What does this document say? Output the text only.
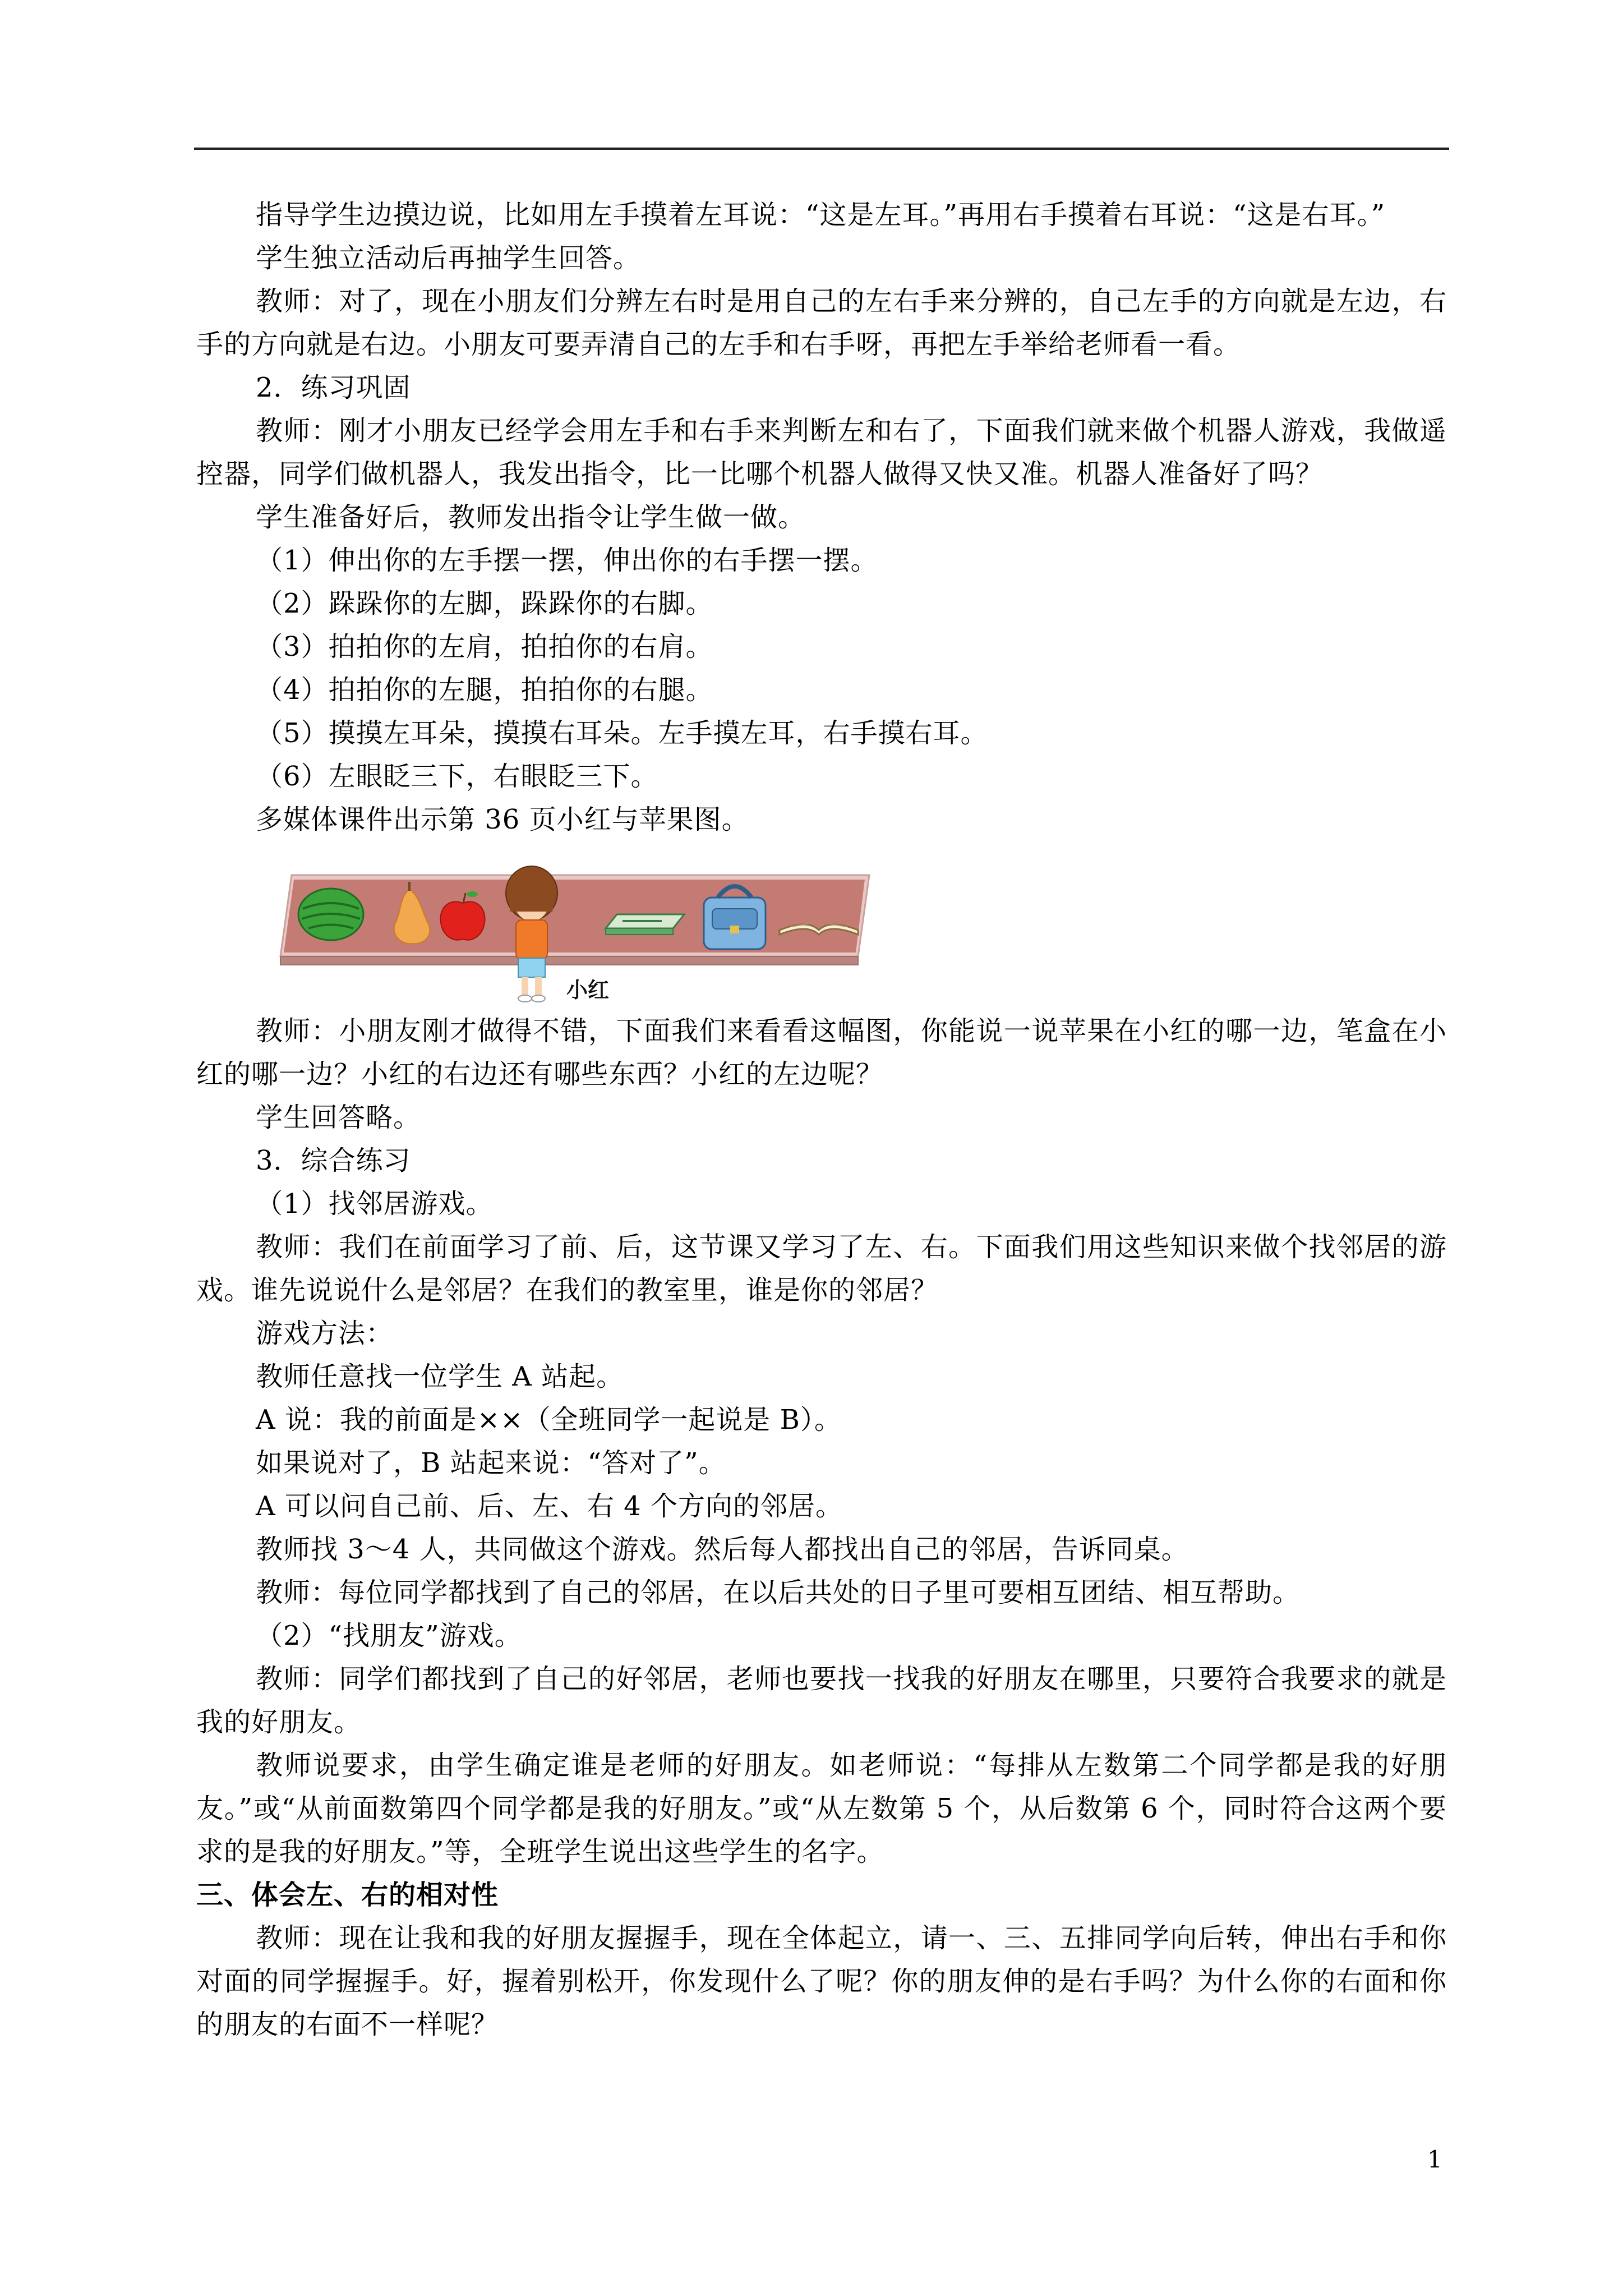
指导学生边摸边说，比如用左手摸着左耳说：“这是左耳。”再用右手摸着右耳说：“这是右耳。”

学生独立活动后再抽学生回答。

教师：对了，现在小朋友们分辨左右时是用自己的左右手来分辨的，自己左手的方向就是左边，右手的方向就是右边。小朋友可要弄清自己的左手和右手呀，再把左手举给老师看一看。

2．练习巩固

教师：刚才小朋友已经学会用左手和右手来判断左和右了，下面我们就来做个机器人游戏，我做遥控器，同学们做机器人，我发出指令，比一比哪个机器人做得又快又准。机器人准备好了吗？

学生准备好后，教师发出指令让学生做一做。

（1）伸出你的左手摆一摆，伸出你的右手摆一摆。

（2）跺跺你的左脚，跺跺你的右脚。

（3）拍拍你的左肩，拍拍你的右肩。

（4）拍拍你的左腿，拍拍你的右腿。

（5）摸摸左耳朵，摸摸右耳朵。左手摸左耳，右手摸右耳。

（6）左眼眨三下，右眼眨三下。

多媒体课件出示第 36 页小红与苹果图。

小红

教师：小朋友刚才做得不错，下面我们来看看这幅图，你能说一说苹果在小红的哪一边，笔盒在小红的哪一边？小红的右边还有哪些东西？小红的左边呢？

学生回答略。

3．综合练习

（1）找邻居游戏。

教师：我们在前面学习了前、后，这节课又学习了左、右。下面我们用这些知识来做个找邻居的游戏。谁先说说什么是邻居？在我们的教室里，谁是你的邻居？

游戏方法：

教师任意找一位学生 A 站起。

A 说：我的前面是××（全班同学一起说是 B）。

如果说对了，B 站起来说：“答对了”。

A 可以问自己前、后、左、右 4 个方向的邻居。

教师找 3～4 人，共同做这个游戏。然后每人都找出自己的邻居，告诉同桌。

教师：每位同学都找到了自己的邻居，在以后共处的日子里可要相互团结、相互帮助。

（2）“找朋友”游戏。

教师：同学们都找到了自己的好邻居，老师也要找一找我的好朋友在哪里，只要符合我要求的就是我的好朋友。

教师说要求，由学生确定谁是老师的好朋友。如老师说：“每排从左数第二个同学都是我的好朋友。”或“从前面数第四个同学都是我的好朋友。”或“从左数第 5 个，从后数第 6 个，同时符合这两个要求的是我的好朋友。”等，全班学生说出这些学生的名字。

三、体会左、右的相对性

教师：现在让我和我的好朋友握握手，现在全体起立，请一、三、五排同学向后转，伸出右手和你对面的同学握握手。好，握着别松开，你发现什么了呢？你的朋友伸的是右手吗？为什么你的右面和你的朋友的右面不一样呢？

1
